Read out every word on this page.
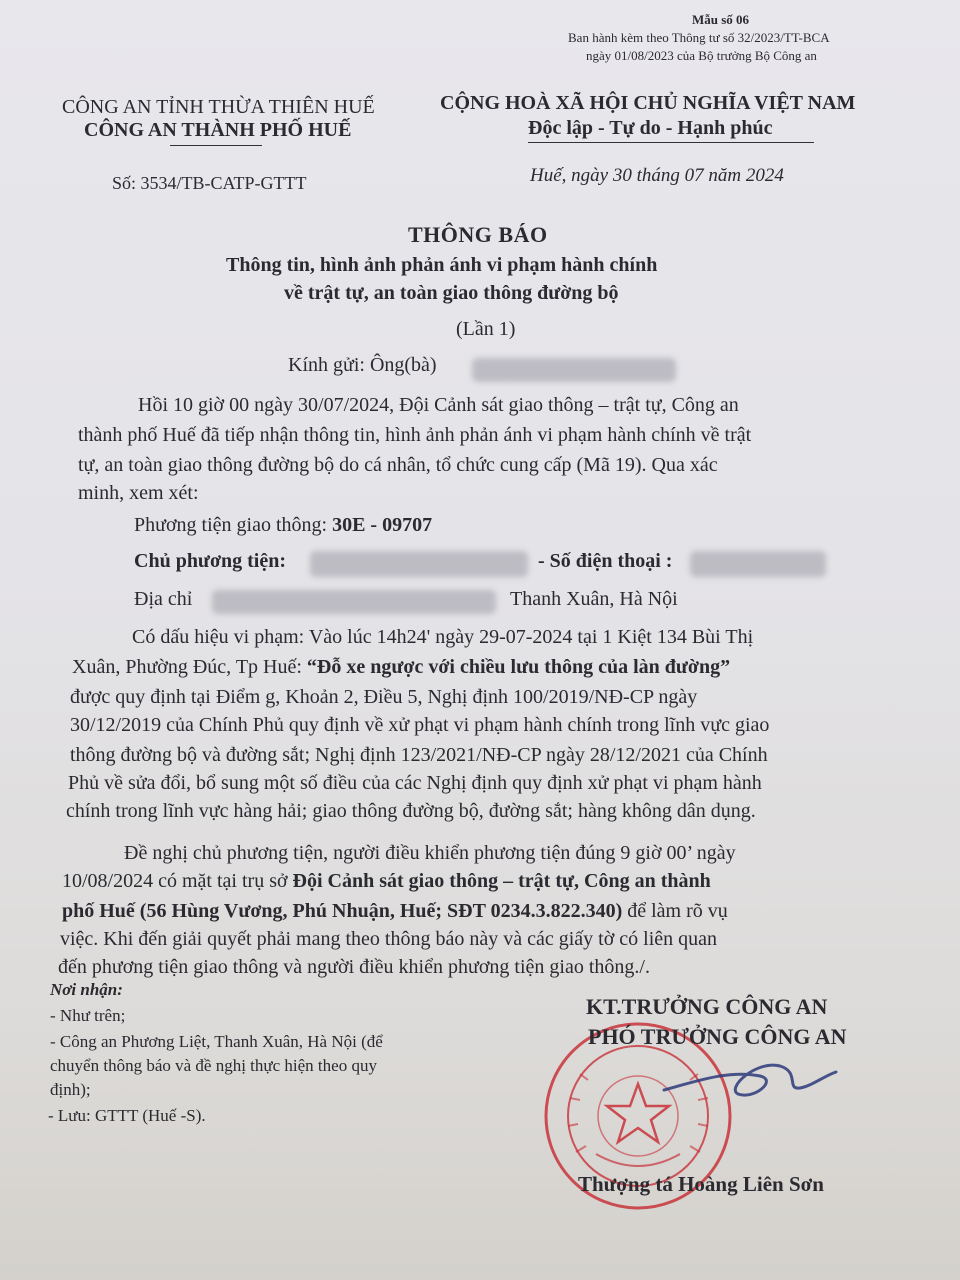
Mẫu số 06
Ban hành kèm theo Thông tư số 32/2023/TT-BCA
ngày 01/08/2023 của Bộ trưởng Bộ Công an
CÔNG AN TỈNH THỪA THIÊN HUẾ
CÔNG AN THÀNH PHỐ HUẾ
Số: 3534/TB-CATP-GTTT
CỘNG HOÀ XÃ HỘI CHỦ NGHĨA VIỆT NAM
Độc lập - Tự do - Hạnh phúc
Huế, ngày 30 tháng 07 năm 2024
THÔNG BÁO
Thông tin, hình ảnh phản ánh vi phạm hành chính
về trật tự, an toàn giao thông đường bộ
(Lần 1)
Kính gửi: Ông(bà)
Hồi 10 giờ 00 ngày 30/07/2024, Đội Cảnh sát giao thông – trật tự, Công an
thành phố Huế đã tiếp nhận thông tin, hình ảnh phản ánh vi phạm hành chính về trật
tự, an toàn giao thông đường bộ do cá nhân, tổ chức cung cấp (Mã 19). Qua xác
minh, xem xét:
Phương tiện giao thông: 30E - 09707
Chủ phương tiện:	- Số điện thoại :
Địa chỉ	Thanh Xuân, Hà Nội
Có dấu hiệu vi phạm: Vào lúc 14h24' ngày 29-07-2024 tại 1 Kiệt 134 Bùi Thị
Xuân, Phường Đúc, Tp Huế: “Đỗ xe ngược với chiều lưu thông của làn đường”
được quy định tại Điểm g, Khoản 2, Điều 5, Nghị định 100/2019/NĐ-CP ngày
30/12/2019 của Chính Phủ quy định về xử phạt vi phạm hành chính trong lĩnh vực giao
thông đường bộ và đường sắt; Nghị định 123/2021/NĐ-CP ngày 28/12/2021 của Chính
Phủ về sửa đổi, bổ sung một số điều của các Nghị định quy định xử phạt vi phạm hành
chính trong lĩnh vực hàng hải; giao thông đường bộ, đường sắt; hàng không dân dụng.
Đề nghị chủ phương tiện, người điều khiển phương tiện đúng 9 giờ 00’ ngày
10/08/2024 có mặt tại trụ sở Đội Cảnh sát giao thông – trật tự, Công an thành
phố Huế (56 Hùng Vương, Phú Nhuận, Huế; SĐT 0234.3.822.340) để làm rõ vụ
việc. Khi đến giải quyết phải mang theo thông báo này và các giấy tờ có liên quan
đến phương tiện giao thông và người điều khiển phương tiện giao thông./.
Nơi nhận:
- Như trên;
- Công an Phương Liệt, Thanh Xuân, Hà Nội (để
chuyển thông báo và đề nghị thực hiện theo quy
định);
- Lưu: GTTT (Huế -S).
KT.TRƯỞNG CÔNG AN
PHÓ TRƯỞNG CÔNG AN
Thượng tá Hoàng Liên Sơn
